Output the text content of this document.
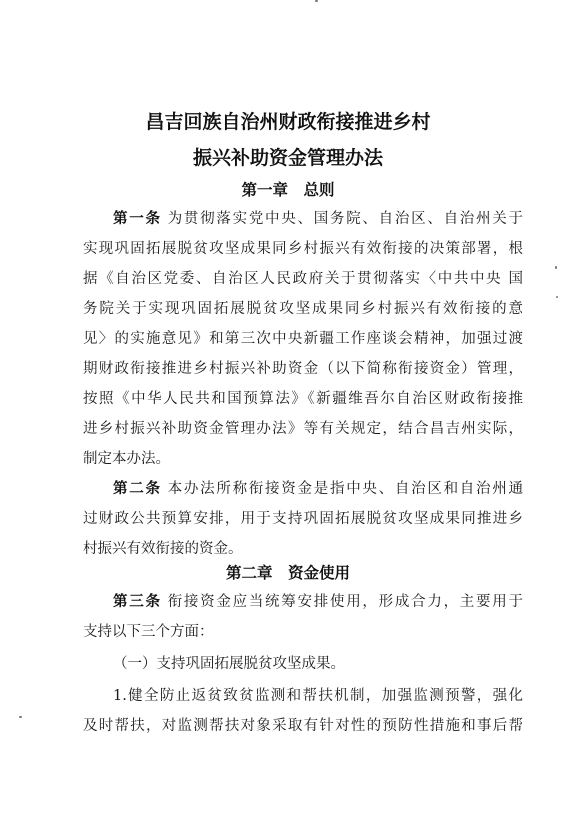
昌吉回族自治州财政衔接推进乡村
振兴补助资金管理办法
第一章　总则
第一条 为贯彻落实党中央、国务院、自治区、自治州关于
实现巩固拓展脱贫攻坚成果同乡村振兴有效衔接的决策部署，根
据《自治区党委、自治区人民政府关于贯彻落实〈中共中央 国
务院关于实现巩固拓展脱贫攻坚成果同乡村振兴有效衔接的意
见〉的实施意见》和第三次中央新疆工作座谈会精神，加强过渡
期财政衔接推进乡村振兴补助资金（以下简称衔接资金）管理，
按照《中华人民共和国预算法》《新疆维吾尔自治区财政衔接推
进乡村振兴补助资金管理办法》等有关规定，结合昌吉州实际，
制定本办法。
第二条 本办法所称衔接资金是指中央、自治区和自治州通
过财政公共预算安排，用于支持巩固拓展脱贫攻坚成果同推进乡
村振兴有效衔接的资金。
第二章　资金使用
第三条 衔接资金应当统筹安排使用，形成合力，主要用于
支持以下三个方面：
（一）支持巩固拓展脱贫攻坚成果。
1.健全防止返贫致贫监测和帮扶机制，加强监测预警，强化
及时帮扶，对监测帮扶对象采取有针对性的预防性措施和事后帮
